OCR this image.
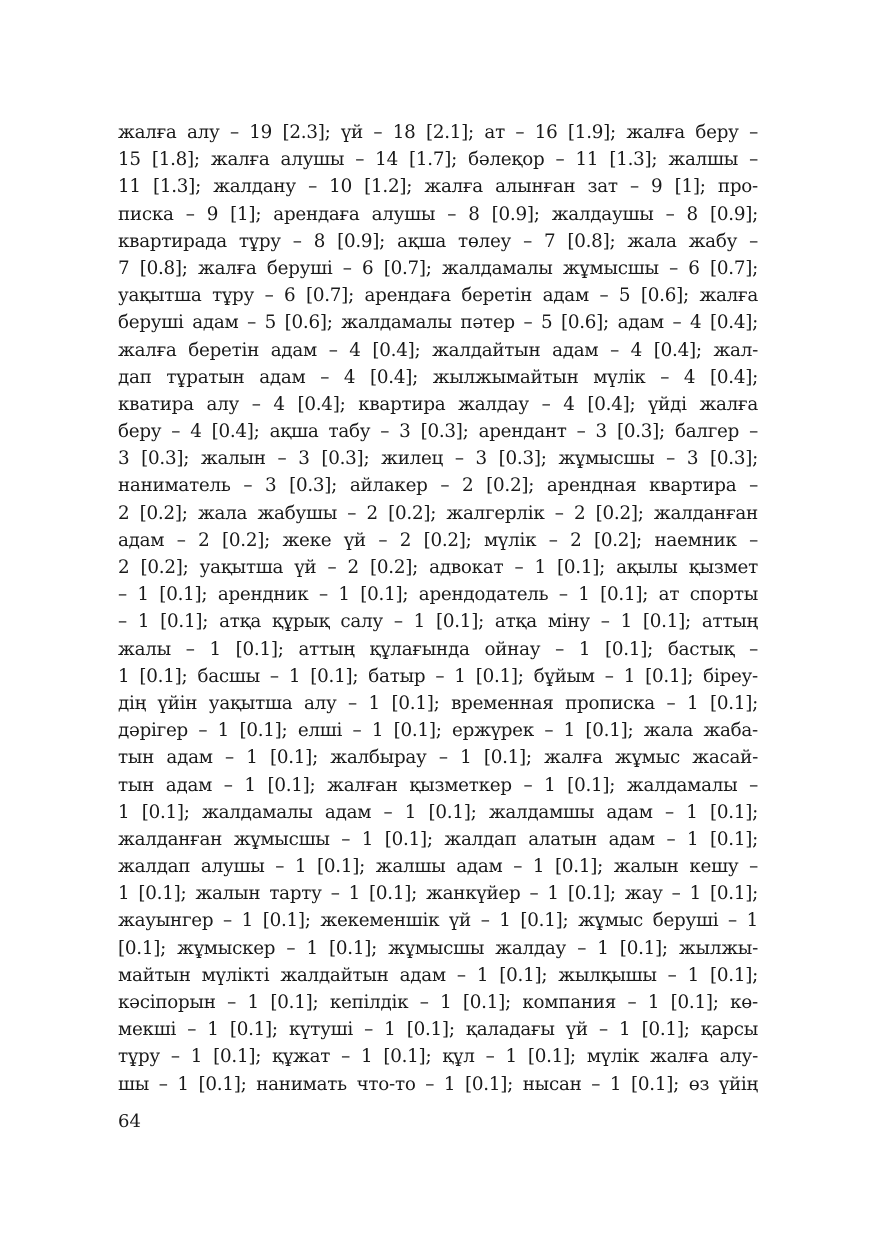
жалға алу – 19 [2.3]; үй – 18 [2.1]; ат – 16 [1.9]; жалға беру –
15 [1.8]; жалға алушы – 14 [1.7]; бәлеқор – 11 [1.3]; жалшы –
11 [1.3]; жалдану – 10 [1.2]; жалға алынған зат – 9 [1]; про-
писка – 9 [1]; арендаға алушы – 8 [0.9]; жалдаушы – 8 [0.9];
квартирада тұру – 8 [0.9]; ақша төлеу – 7 [0.8]; жала жабу –
7 [0.8]; жалға беруші – 6 [0.7]; жалдамалы жұмысшы – 6 [0.7];
уақытша тұру – 6 [0.7]; арендаға беретін адам – 5 [0.6]; жалға
беруші адам – 5 [0.6]; жалдамалы пәтер – 5 [0.6]; адам – 4 [0.4];
жалға беретін адам – 4 [0.4]; жалдайтын адам – 4 [0.4]; жал-
дап тұратын адам – 4 [0.4]; жылжымайтын мүлік – 4 [0.4];
кватира алу – 4 [0.4]; квартира жалдау – 4 [0.4]; үйді жалға
беру – 4 [0.4]; ақша табу – 3 [0.3]; арендант – 3 [0.3]; балгер –
3 [0.3]; жалын – 3 [0.3]; жилец – 3 [0.3]; жұмысшы – 3 [0.3];
наниматель – 3 [0.3]; айлакер – 2 [0.2]; арендная квартира –
2 [0.2]; жала жабушы – 2 [0.2]; жалгерлік – 2 [0.2]; жалданған
адам – 2 [0.2]; жеке үй – 2 [0.2]; мүлік – 2 [0.2]; наемник –
2 [0.2]; уақытша үй – 2 [0.2]; адвокат – 1 [0.1]; ақылы қызмет
– 1 [0.1]; арендник – 1 [0.1]; арендодатель – 1 [0.1]; ат спорты
– 1 [0.1]; атқа құрық салу – 1 [0.1]; атқа міну – 1 [0.1]; аттың
жалы – 1 [0.1]; аттың құлағында ойнау – 1 [0.1]; бастық –
1 [0.1]; басшы – 1 [0.1]; батыр – 1 [0.1]; бұйым – 1 [0.1]; біреу-
дің үйін уақытша алу – 1 [0.1]; временная прописка – 1 [0.1];
дәрігер – 1 [0.1]; елші – 1 [0.1]; ержүрек – 1 [0.1]; жала жаба-
тын адам – 1 [0.1]; жалбырау – 1 [0.1]; жалға жұмыс жасай-
тын адам – 1 [0.1]; жалған қызметкер – 1 [0.1]; жалдамалы –
1 [0.1]; жалдамалы адам – 1 [0.1]; жалдамшы адам – 1 [0.1];
жалданған жұмысшы – 1 [0.1]; жалдап алатын адам – 1 [0.1];
жалдап алушы – 1 [0.1]; жалшы адам – 1 [0.1]; жалын кешу –
1 [0.1]; жалын тарту – 1 [0.1]; жанкүйер – 1 [0.1]; жау – 1 [0.1];
жауынгер – 1 [0.1]; жекеменшік үй – 1 [0.1]; жұмыс беруші – 1
[0.1]; жұмыскер – 1 [0.1]; жұмысшы жалдау – 1 [0.1]; жылжы-
майтын мүлікті жалдайтын адам – 1 [0.1]; жылқышы – 1 [0.1];
кәсіпорын – 1 [0.1]; кепілдік – 1 [0.1]; компания – 1 [0.1]; кө-
мекші – 1 [0.1]; күтуші – 1 [0.1]; қаладағы үй – 1 [0.1]; қарсы
тұру – 1 [0.1]; құжат – 1 [0.1]; құл – 1 [0.1]; мүлік жалға алу-
шы – 1 [0.1]; нанимать что-то – 1 [0.1]; нысан – 1 [0.1]; өз үйің
64
